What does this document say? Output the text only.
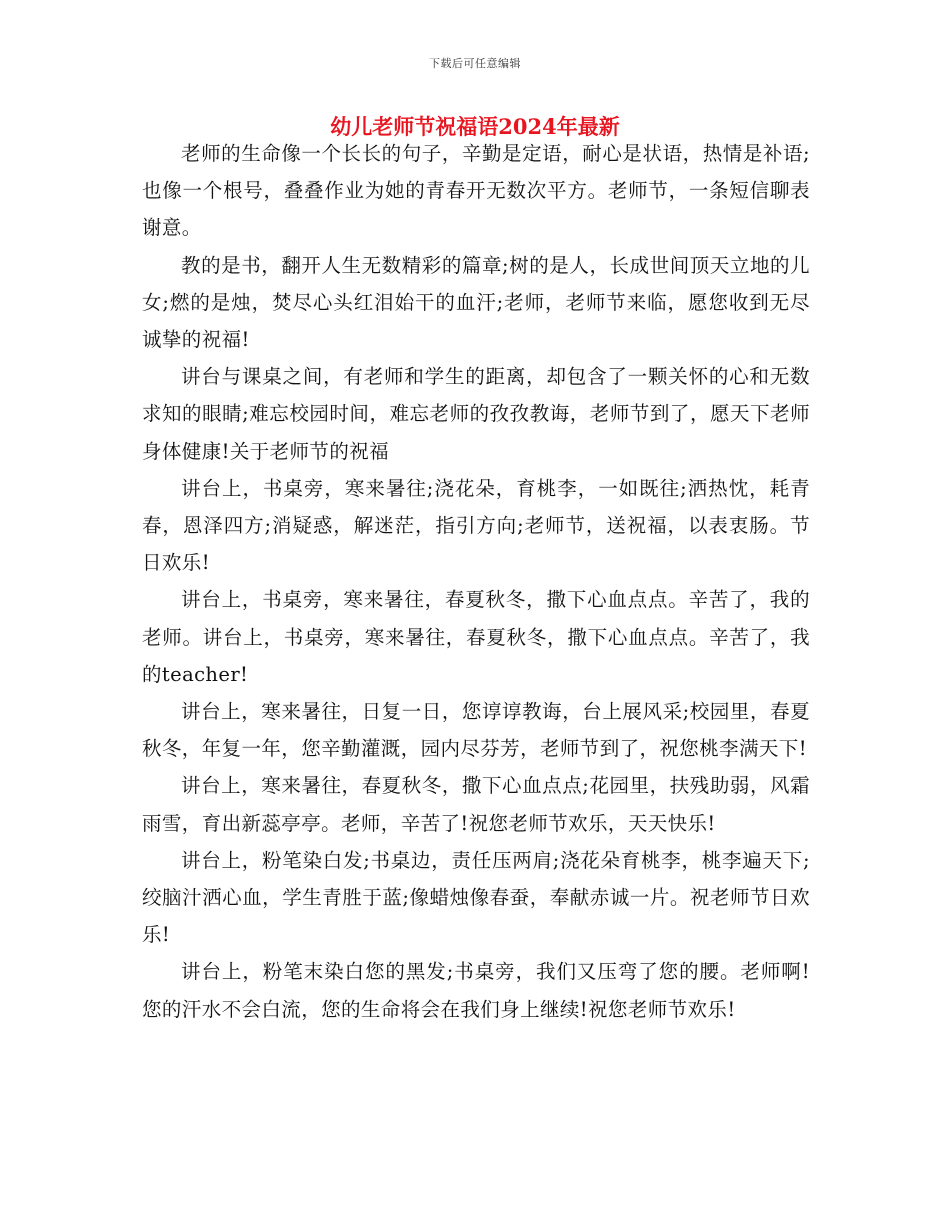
下载后可任意编辑
幼儿老师节祝福语2024年最新

老师的生命像一个长长的句子，辛勤是定语，耐心是状语，热情是补语;也像一个根号，叠叠作业为她的青春开无数次平方。老师节，一条短信聊表谢意。

教的是书，翻开人生无数精彩的篇章;树的是人，长成世间顶天立地的儿女;燃的是烛，焚尽心头红泪始干的血汗;老师，老师节来临，愿您收到无尽诚挚的祝福!

讲台与课桌之间，有老师和学生的距离，却包含了一颗关怀的心和无数求知的眼睛;难忘校园时间，难忘老师的孜孜教诲，老师节到了，愿天下老师身体健康!关于老师节的祝福

讲台上，书桌旁，寒来暑往;浇花朵，育桃李，一如既往;洒热忱，耗青春，恩泽四方;消疑惑，解迷茫，指引方向;老师节，送祝福，以表衷肠。节日欢乐!

讲台上，书桌旁，寒来暑往，春夏秋冬，撒下心血点点。辛苦了，我的老师。讲台上，书桌旁，寒来暑往，春夏秋冬，撒下心血点点。辛苦了，我的teacher!

讲台上，寒来暑往，日复一日，您谆谆教诲，台上展风采;校园里，春夏秋冬，年复一年，您辛勤灌溉，园内尽芬芳，老师节到了，祝您桃李满天下!

讲台上，寒来暑往，春夏秋冬，撒下心血点点;花园里，扶残助弱，风霜雨雪，育出新蕊亭亭。老师，辛苦了!祝您老师节欢乐，天天快乐!

讲台上，粉笔染白发;书桌边，责任压两肩;浇花朵育桃李，桃李遍天下;绞脑汁洒心血，学生青胜于蓝;像蜡烛像春蚕，奉献赤诚一片。祝老师节日欢乐!

讲台上，粉笔末染白您的黑发;书桌旁，我们又压弯了您的腰。老师啊!您的汗水不会白流，您的生命将会在我们身上继续!祝您老师节欢乐!
